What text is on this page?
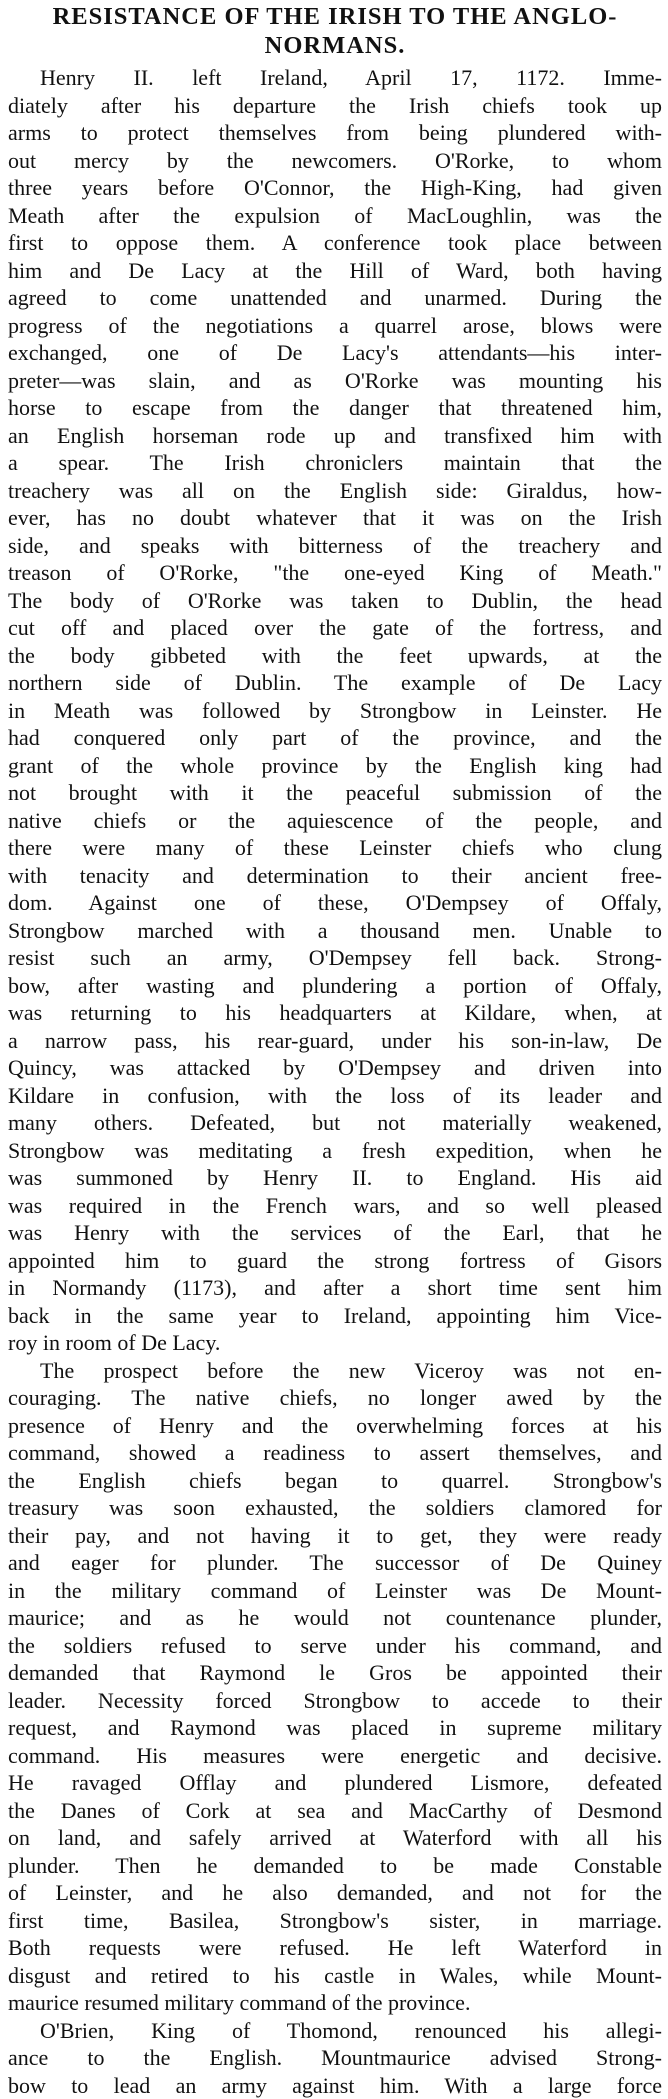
RESISTANCE OF THE IRISH TO THE ANGLO-
NORMANS.

Henry II. left Ireland, April 17, 1172. Imme-
diately after his departure the Irish chiefs took up
arms to protect themselves from being plundered with-
out mercy by the newcomers. O'Rorke, to whom
three years before O'Connor, the High-King, had given
Meath after the expulsion of MacLoughlin, was the
first to oppose them. A conference took place between
him and De Lacy at the Hill of Ward, both having
agreed to come unattended and unarmed. During the
progress of the negotiations a quarrel arose, blows were
exchanged, one of De Lacy's attendants—his inter-
preter—was slain, and as O'Rorke was mounting his
horse to escape from the danger that threatened him,
an English horseman rode up and transfixed him with
a spear. The Irish chroniclers maintain that the
treachery was all on the English side: Giraldus, how-
ever, has no doubt whatever that it was on the Irish
side, and speaks with bitterness of the treachery and
treason of O'Rorke, "the one-eyed King of Meath."
The body of O'Rorke was taken to Dublin, the head
cut off and placed over the gate of the fortress, and
the body gibbeted with the feet upwards, at the
northern side of Dublin. The example of De Lacy
in Meath was followed by Strongbow in Leinster. He
had conquered only part of the province, and the
grant of the whole province by the English king had
not brought with it the peaceful submission of the
native chiefs or the aquiescence of the people, and
there were many of these Leinster chiefs who clung
with tenacity and determination to their ancient free-
dom. Against one of these, O'Dempsey of Offaly,
Strongbow marched with a thousand men. Unable to
resist such an army, O'Dempsey fell back. Strong-
bow, after wasting and plundering a portion of Offaly,
was returning to his headquarters at Kildare, when, at
a narrow pass, his rear-guard, under his son-in-law, De
Quincy, was attacked by O'Dempsey and driven into
Kildare in confusion, with the loss of its leader and
many others. Defeated, but not materially weakened,
Strongbow was meditating a fresh expedition, when he
was summoned by Henry II. to England. His aid
was required in the French wars, and so well pleased
was Henry with the services of the Earl, that he
appointed him to guard the strong fortress of Gisors
in Normandy (1173), and after a short time sent him
back in the same year to Ireland, appointing him Vice-
roy in room of De Lacy.

The prospect before the new Viceroy was not en-
couraging. The native chiefs, no longer awed by the
presence of Henry and the overwhelming forces at his
command, showed a readiness to assert themselves, and
the English chiefs began to quarrel. Strongbow's
treasury was soon exhausted, the soldiers clamored for
their pay, and not having it to get, they were ready
and eager for plunder. The successor of De Quiney
in the military command of Leinster was De Mount-
maurice; and as he would not countenance plunder,
the soldiers refused to serve under his command, and
demanded that Raymond le Gros be appointed their
leader. Necessity forced Strongbow to accede to their
request, and Raymond was placed in supreme military
command. His measures were energetic and decisive.
He ravaged Offlay and plundered Lismore, defeated
the Danes of Cork at sea and MacCarthy of Desmond
on land, and safely arrived at Waterford with all his
plunder. Then he demanded to be made Constable
of Leinster, and he also demanded, and not for the
first time, Basilea, Strongbow's sister, in marriage.
Both requests were refused. He left Waterford in
disgust and retired to his castle in Wales, while Mount-
maurice resumed military command of the province.

O'Brien, King of Thomond, renounced his allegi-
ance to the English. Mountmaurice advised Strong-
bow to lead an army against him. With a large force
